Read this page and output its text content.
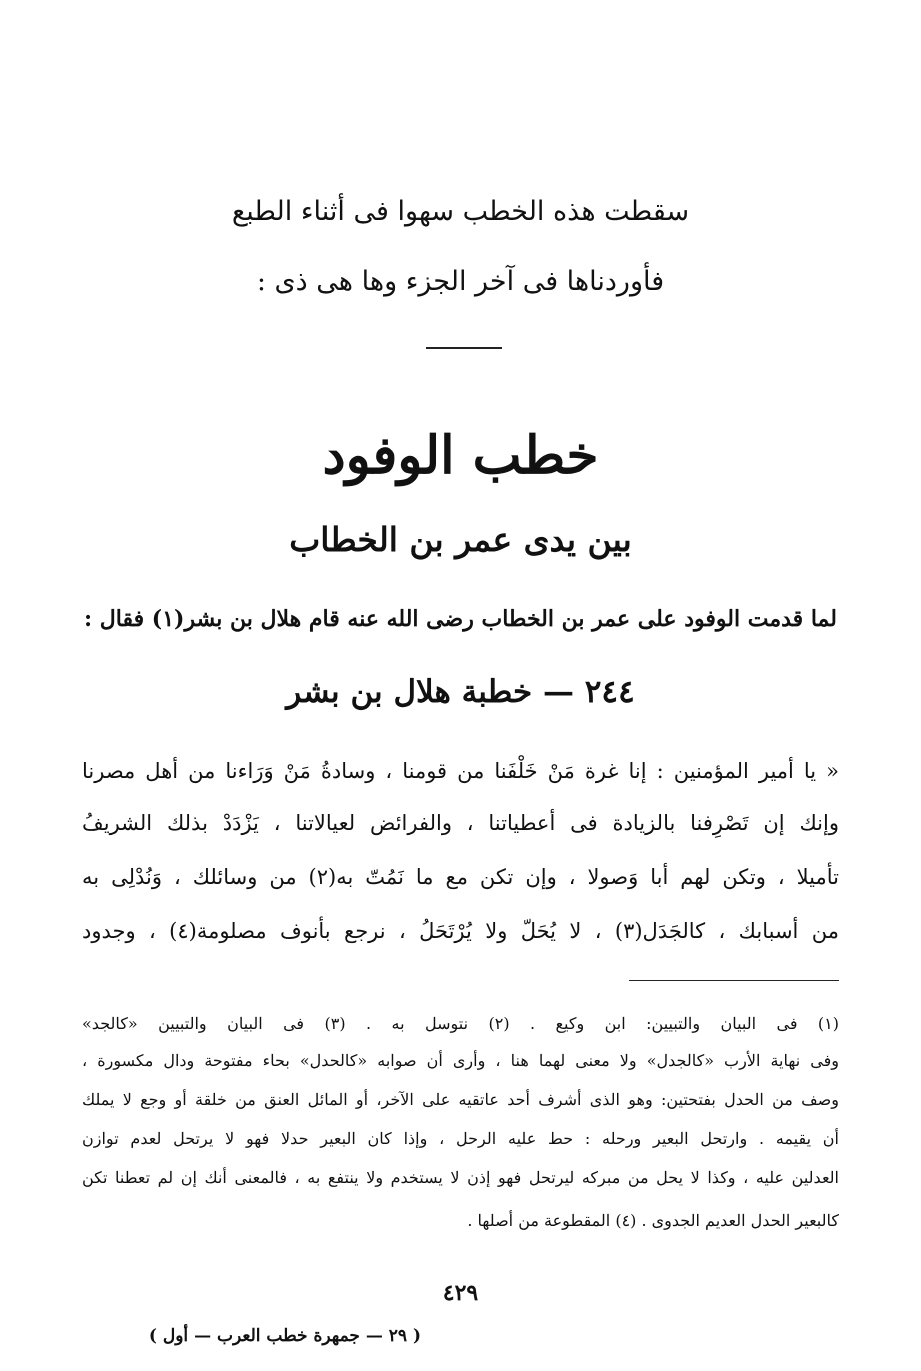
سقطت هذه الخطب سهوا فى أثناء الطبع
فأوردناها فى آخر الجزء وها هى ذى :
خطب الوفود
بين يدى عمر بن الخطاب
لما قدمت الوفود على عمر بن الخطاب رضى الله عنه قام هلال بن بشر(١) فقال :
٢٤٤ — خطبة هلال بن بشر
« يا أمير المؤمنين : إنا غرة مَنْ خَلْفَنا من قومنا ، وسادةُ مَنْ وَرَاءنا من أهل مصرنا
وإنك إن تَصْرِفنا بالزيادة فى أعطياتنا ، والفرائض لعيالاتنا ، يَزْدَدْ بذلك الشريفُ
تأميلا ، وتكن لهم أبا وَصولا ، وإن تكن مع ما نَمُتّ به(٢) من وسائلك ، وَنُدْلِى به
من أسبابك ، كالجَدَل(٣) ، لا يُحَلّ ولا يُرْتَحَلُ ، نرجع بأنوف مصلومة(٤) ، وجدود
(١) فى البيان والتبيين: ابن وكيع . (٢) نتوسل به . (٣) فى البيان والتبيين «كالجد»
وفى نهاية الأرب «كالجدل» ولا معنى لهما هنا ، وأرى أن صوابه «كالحدل» بحاء مفتوحة ودال مكسورة ،
وصف من الحدل بفتحتين: وهو الذى أشرف أحد عاتقيه على الآخر، أو المائل العنق من خلقة أو وجع لا يملك
أن يقيمه . وارتحل البعير ورحله : حط عليه الرحل ، وإذا كان البعير حدلا فهو لا يرتحل لعدم توازن
العدلين عليه ، وكذا لا يحل من مبركه ليرتحل فهو إذن لا يستخدم ولا ينتفع به ، فالمعنى أنك إن لم تعطنا تكن
كالبعير الحدل العديم الجدوى . (٤) المقطوعة من أصلها .
٤٢٩
( ٢٩ — جمهرة خطب العرب — أول )
